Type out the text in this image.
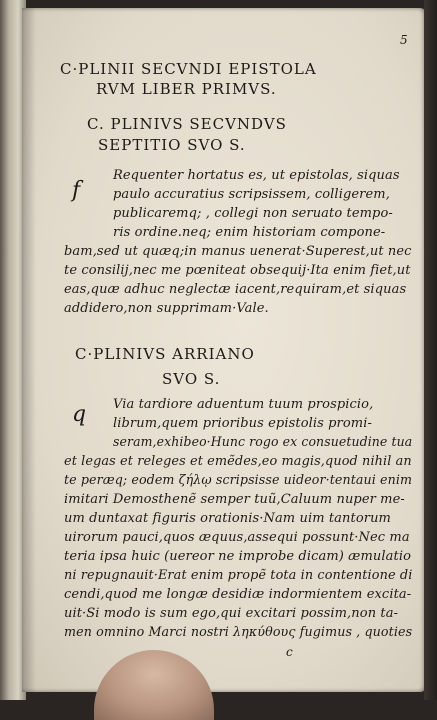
5
C·PLINII SECVNDI EPISTOLA
RVM LIBER PRIMVS.
C. PLINIVS SECVNDVS
SEPTITIO SVO S.
f
Requenter hortatus es, ut epistolas, siquas
paulo accuratius scripsissem, colligerem,
publicaremq; , collegi non seruato tempo-
ris ordine.neq; enim historiam compone-
bam,sed ut quæq;in manus uenerat·Superest,ut nec
te consilij,nec me pœniteat obsequij·Ita enim fiet,ut
eas,quæ adhuc neglectæ iacent,requiram,et siquas
addidero,non supprimam·Vale.
C·PLINIVS ARRIANO
SVO S.
q Via tardiore aduentum tuum prospicio,
librum,quem prioribus epistolis promi-
seram,exhibeo·Hunc rogo ex consuetudine tua
et legas et releges et emẽdes,eo magis,quod nihil an
te peræq; eodem ζήλῳ scripsisse uideor·tentaui enim
imitari Demosthenẽ semper tuũ,Caluum nuper me-
um duntaxat figuris orationis·Nam uim tantorum
uirorum pauci,quos æquus,assequi possunt·Nec ma
teria ipsa huic (uereor ne improbe dicam) æmulatio
ni repugnauit·Erat enim propẽ tota in contentione di
cendi,quod me longæ desidiæ indormientem excita-
uit·Si modo is sum ego,qui excitari possim,non ta-
men omnino Marci nostri ληκύθους fugimus , quoties
c
